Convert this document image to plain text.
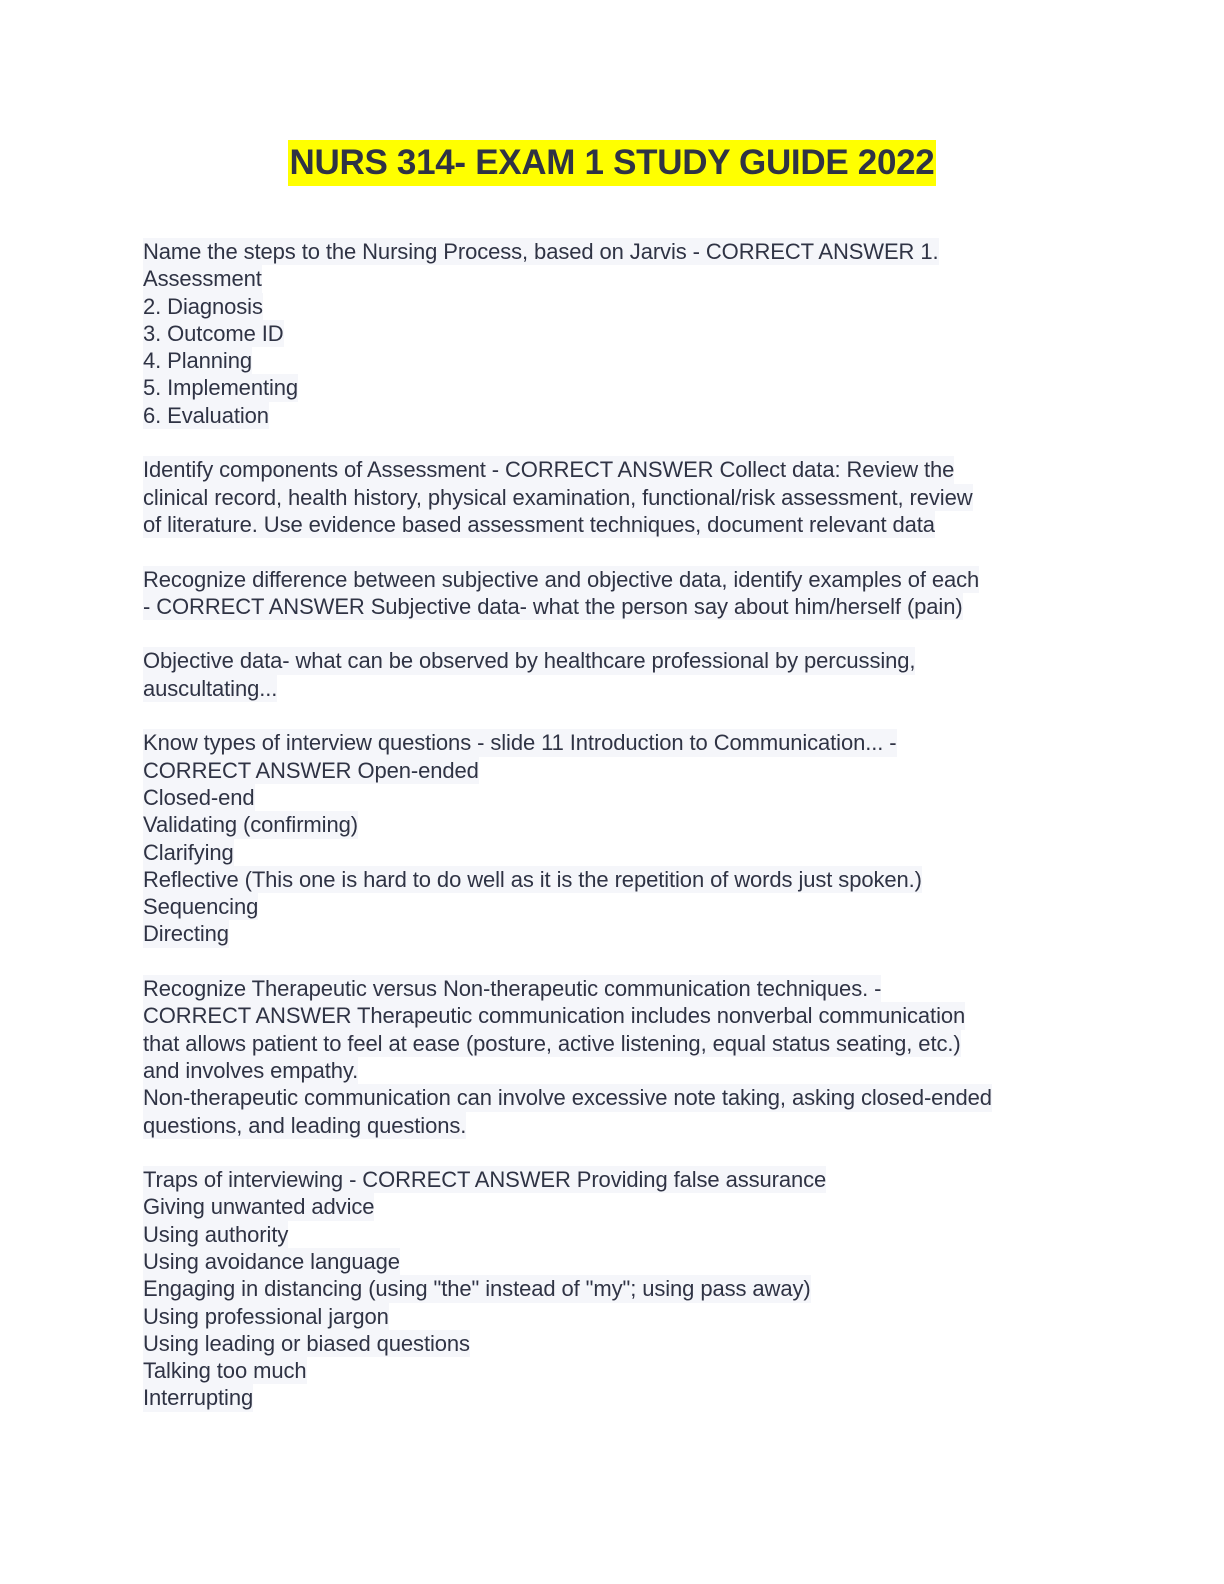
NURS 314- EXAM 1 STUDY GUIDE 2022
Name the steps to the Nursing Process, based on Jarvis - CORRECT ANSWER 1.
Assessment
2. Diagnosis
3. Outcome ID
4. Planning
5. Implementing
6. Evaluation
Identify components of Assessment - CORRECT ANSWER Collect data: Review the
clinical record, health history, physical examination, functional/risk assessment, review
of literature. Use evidence based assessment techniques, document relevant data
Recognize difference between subjective and objective data, identify examples of each
- CORRECT ANSWER Subjective data- what the person say about him/herself (pain)
Objective data- what can be observed by healthcare professional by percussing,
auscultating...
Know types of interview questions - slide 11 Introduction to Communication... -
CORRECT ANSWER Open-ended
Closed-end
Validating (confirming)
Clarifying
Reflective (This one is hard to do well as it is the repetition of words just spoken.)
Sequencing
Directing
Recognize Therapeutic versus Non-therapeutic communication techniques. -
CORRECT ANSWER Therapeutic communication includes nonverbal communication
that allows patient to feel at ease (posture, active listening, equal status seating, etc.)
and involves empathy.
Non-therapeutic communication can involve excessive note taking, asking closed-ended
questions, and leading questions.
Traps of interviewing - CORRECT ANSWER Providing false assurance
Giving unwanted advice
Using authority
Using avoidance language
Engaging in distancing (using "the" instead of "my"; using pass away)
Using professional jargon
Using leading or biased questions
Talking too much
Interrupting
